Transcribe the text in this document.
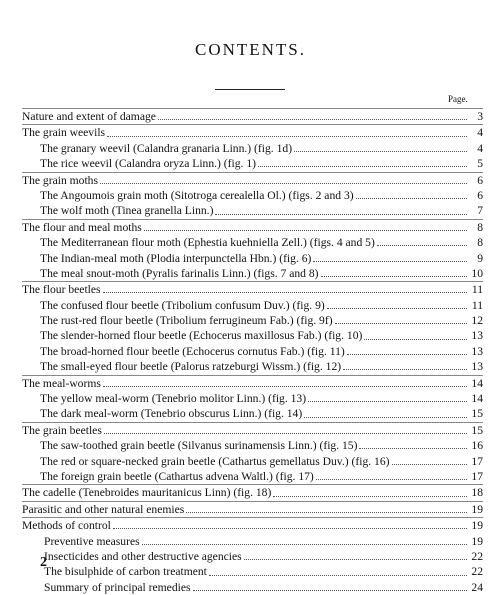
CONTENTS.
Page.
Nature and extent of damage	3
The grain weevils	4
The granary weevil (Calandra granaria Linn.) (fig. 1d)	4
The rice weevil (Calandra oryza Linn.) (fig. 1)	5
The grain moths	6
The Angoumois grain moth (Sitotroga cerealella Ol.) (figs. 2 and 3)	6
The wolf moth (Tinea granella Linn.)	7
The flour and meal moths	8
The Mediterranean flour moth (Ephestia kuehniella Zell.) (figs. 4 and 5)	8
The Indian-meal moth (Plodia interpunctella Hbn.) (fig. 6)	9
The meal snout-moth (Pyralis farinalis Linn.) (figs. 7 and 8)	10
The flour beetles	11
The confused flour beetle (Tribolium confusum Duv.) (fig. 9)	11
The rust-red flour beetle (Tribolium ferrugineum Fab.) (fig. 9f)	12
The slender-horned flour beetle (Echocerus maxillosus Fab.) (fig. 10)	13
The broad-horned flour beetle (Echocerus cornutus Fab.) (fig. 11)	13
The small-eyed flour beetle (Palorus ratzeburgi Wissm.) (fig. 12)	13
The meal-worms	14
The yellow meal-worm (Tenebrio molitor Linn.) (fig. 13)	14
The dark meal-worm (Tenebrio obscurus Linn.) (fig. 14)	15
The grain beetles	15
The saw-toothed grain beetle (Silvanus surinamensis Linn.) (fig. 15)	16
The red or square-necked grain beetle (Cathartus gemellatus Duv.) (fig. 16)	17
The foreign grain beetle (Cathartus advena Waltl.) (fig. 17)	17
The cadelle (Tenebroides mauritanicus Linn) (fig. 18)	18
Parasitic and other natural enemies	19
Methods of control	19
Preventive measures	19
Insecticides and other destructive agencies	22
The bisulphide of carbon treatment	22
Summary of principal remedies	24
2
